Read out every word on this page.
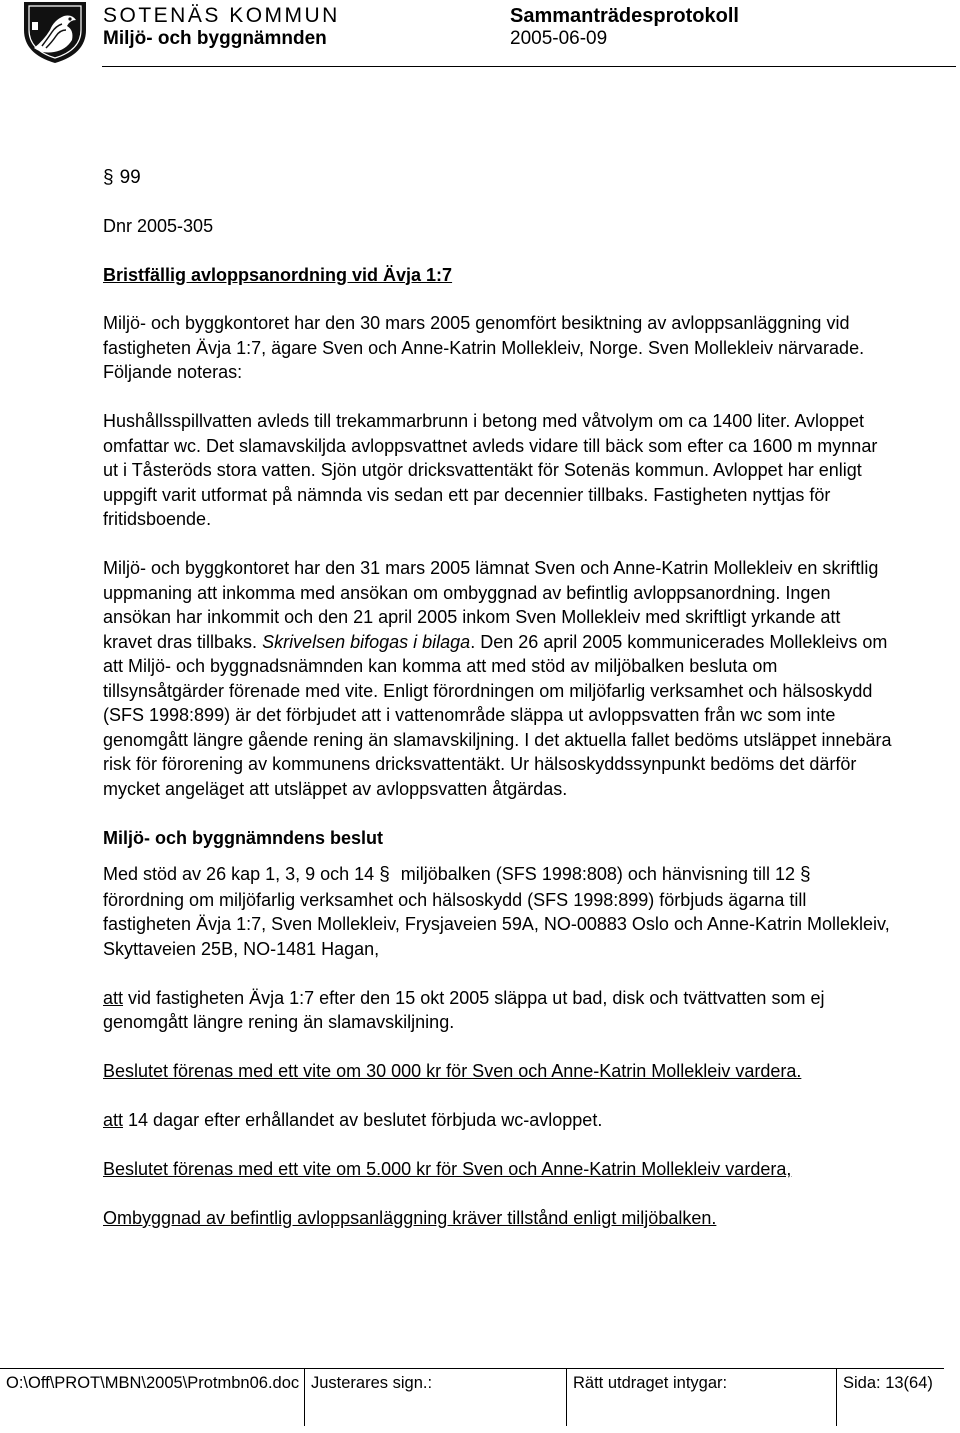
SOTENÄS KOMMUN
Miljö- och byggnämnden
Sammanträdesprotokoll
2005-06-09

§ 99

Dnr 2005-305

Bristfällig avloppsanordning vid Ävja 1:7

Miljö- och byggkontoret har den 30 mars 2005 genomfört besiktning av avloppsanläggning vid fastigheten Ävja 1:7, ägare Sven och Anne-Katrin Mollekleiv, Norge. Sven Mollekleiv närvarade. Följande noteras:

Hushållsspillvatten avleds till trekammarbrunn i betong med våtvolym om ca 1400 liter. Avloppet omfattar wc. Det slamavskiljda avloppsvattnet avleds vidare till bäck som efter ca 1600 m mynnar ut i Tåsteröds stora vatten. Sjön utgör dricksvattentäkt för Sotenäs kommun. Avloppet har enligt uppgift varit utformat på nämnda vis sedan ett par decennier tillbaks. Fastigheten nyttjas för fritidsboende.

Miljö- och byggkontoret har den 31 mars 2005 lämnat Sven och Anne-Katrin Mollekleiv en skriftlig uppmaning att inkomma med ansökan om ombyggnad av befintlig avloppsanordning. Ingen ansökan har inkommit och den 21 april 2005 inkom Sven Mollekleiv med skriftligt yrkande att kravet dras tillbaks. Skrivelsen bifogas i bilaga. Den 26 april 2005 kommunicerades Mollekleivs om att Miljö- och byggnadsnämnden kan komma att med stöd av miljöbalken besluta om tillsynsåtgärder förenade med vite. Enligt förordningen om miljöfarlig verksamhet och hälsoskydd (SFS 1998:899) är det förbjudet att i vattenområde släppa ut avloppsvatten från wc som inte genomgått längre gående rening än slamavskiljning. I det aktuella fallet bedöms utsläppet innebära risk för förorening av kommunens dricksvattentäkt. Ur hälsoskyddssynpunkt bedöms det därför mycket angeläget att utsläppet av avloppsvatten åtgärdas.

Miljö- och byggnämndens beslut

Med stöd av 26 kap 1, 3, 9 och 14 § miljöbalken (SFS 1998:808) och hänvisning till 12 § förordning om miljöfarlig verksamhet och hälsoskydd (SFS 1998:899) förbjuds ägarna till fastigheten Ävja 1:7, Sven Mollekleiv, Frysjaveien 59A, NO-00883 Oslo och Anne-Katrin Mollekleiv, Skyttaveien 25B, NO-1481 Hagan,

att vid fastigheten Ävja 1:7 efter den 15 okt 2005 släppa ut bad, disk och tvättvatten som ej genomgått längre rening än slamavskiljning.

Beslutet förenas med ett vite om 30 000 kr för Sven och Anne-Katrin Mollekleiv vardera.

att 14 dagar efter erhållandet av beslutet förbjuda wc-avloppet.

Beslutet förenas med ett vite om 5.000 kr för Sven och Anne-Katrin Mollekleiv vardera,

Ombyggnad av befintlig avloppsanläggning kräver tillstånd enligt miljöbalken.

O:\Off\PROT\MBN\2005\Protmbn06.doc Justerares sign.:	Rätt utdraget intygar:	Sida: 13(64)
